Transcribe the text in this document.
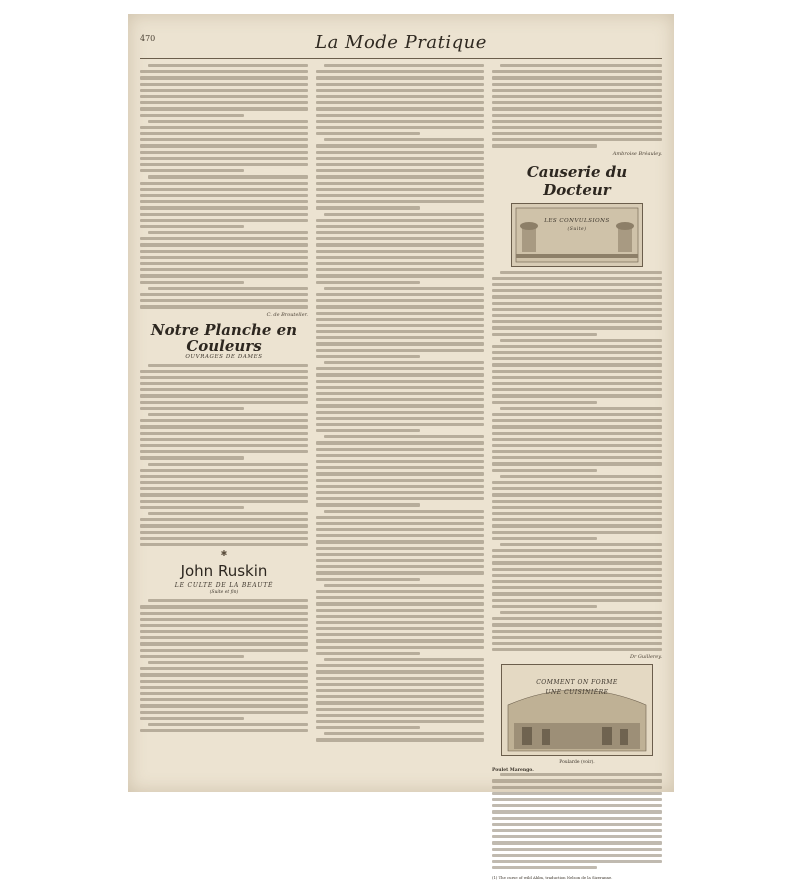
470	La Mode Pratique
C. de Brouteller.
Notre Planche en Couleurs
OUVRAGES DE DAMES
✱
John Ruskin
LE CULTE DE LA BEAUTÉ
(Suite et fin)
Ambroise Bréauley.
Causerie du Docteur
LES CONVULSIONS
(Suite)
Dr Guillerey.
COMMENT ON FORME
UNE CUISINIÈRE
Poularde (voir).
Poulet Marengo.
(1) The curse of wild Ahlm, traduction Nelson de la Sizeranne.
